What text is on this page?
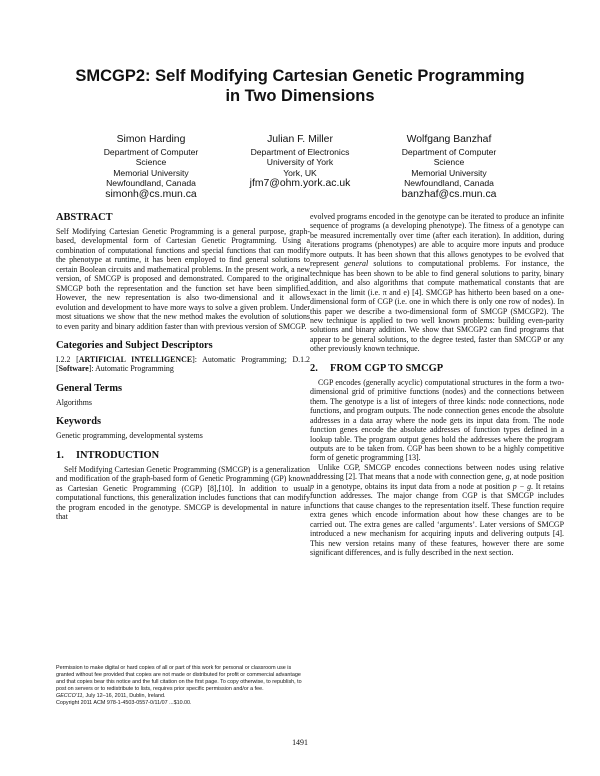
SMCGP2: Self Modifying Cartesian Genetic Programming
in Two Dimensions
Simon Harding
Department of Computer
Science
Memorial University
Newfoundland, Canada
simonh@cs.mun.ca
Julian F. Miller
Department of Electronics
University of York
York, UK
jfm7@ohm.york.ac.uk
Wolfgang Banzhaf
Department of Computer
Science
Memorial University
Newfoundland, Canada
banzhaf@cs.mun.ca
ABSTRACT

Self Modifying Cartesian Genetic Programming is a general purpose, graph-based, developmental form of Cartesian Genetic Programming. Using a combination of computational functions and special functions that can modify the phenotype at runtime, it has been employed to find general solutions to certain Boolean circuits and mathematical problems. In the present work, a new version, of SMCGP is proposed and demonstrated. Compared to the original SMCGP both the representation and the function set have been simplified. However, the new representation is also two-dimensional and it allows evolution and development to have more ways to solve a given problem. Under most situations we show that the new method makes the evolution of solutions to even parity and binary addition faster than with previous version of SMCGP.

Categories and Subject Descriptors

I.2.2 [ARTIFICIAL INTELLIGENCE]: Automatic Programming; D.1.2 [Software]: Automatic Programming

General Terms

Algorithms

Keywords

Genetic programming, developmental systems

1.	INTRODUCTION

Self Modifying Cartesian Genetic Programming (SMCGP) is a generalization and modification of the graph-based form of Genetic Programming (GP) known as Cartesian Genetic Programming (CGP) [8],[10]. In addition to usual computational functions, this generalization includes functions that can modify the program encoded in the genotype. SMCGP is developmental in nature in that

Permission to make digital or hard copies of all or part of this work for personal or classroom use is granted without fee provided that copies are not made or distributed for profit or commercial advantage and that copies bear this notice and the full citation on the first page. To copy otherwise, to republish, to post on servers or to redistribute to lists, requires prior specific permission and/or a fee.

GECCO’11, July 12–16, 2011, Dublin, Ireland.

Copyright 2011 ACM 978-1-4503-0557-0/11/07 ...$10.00.

evolved programs encoded in the genotype can be iterated to produce an infinite sequence of programs (a developing phenotype). The fitness of a genotype can be measured incrementally over time (after each iteration). In addition, during iterations programs (phenotypes) are able to acquire more inputs and produce more outputs. It has been shown that this allows genotypes to be evolved that represent general solutions to computational problems. For instance, the technique has been shown to be able to find general solutions to parity, binary addition, and also algorithms that compute mathematical constants that are exact in the limit (i.e. π and e) [4]. SMCGP has hitherto been based on a one-dimensional form of CGP (i.e. one in which there is only one row of nodes). In this paper we describe a two-dimensional form of SMCGP (SMCGP2). The new technique is applied to two well known problems: building even-parity solutions and binary addition. We show that SMCGP2 can find programs that appear to be general solutions, to the degree tested, faster than SMCGP or any other previously known technique.

2.	FROM CGP TO SMCGP

CGP encodes (generally acyclic) computational structures in the form a two-dimensional grid of primitive functions (nodes) and the connections between them. The genotype is a list of integers of three kinds: node connections, node functions, and program outputs. The node connection genes encode the absolute addresses in a data array where the node gets its input data from. The node function genes encode the absolute addresses of function types defined in a lookup table. The program output genes hold the addresses where the program outputs are to be taken from. CGP has been shown to be a highly competitive form of genetic programming [13].

Unlike CGP, SMCGP encodes connections between nodes using relative addressing [2]. That means that a node with connection gene, g, at node position p in a genotype, obtains its input data from a node at position p − g. It retains function addresses. The major change from CGP is that SMCGP includes functions that cause changes to the representation itself. These function require extra genes which encode information about how these changes are to be carried out. The extra genes are called ‘arguments’. Later versions of SMCGP introduced a new mechanism for acquiring inputs and delivering outputs [4]. This new version retains many of these features, however there are some significant differences, and is fully described in the next section.

1491
